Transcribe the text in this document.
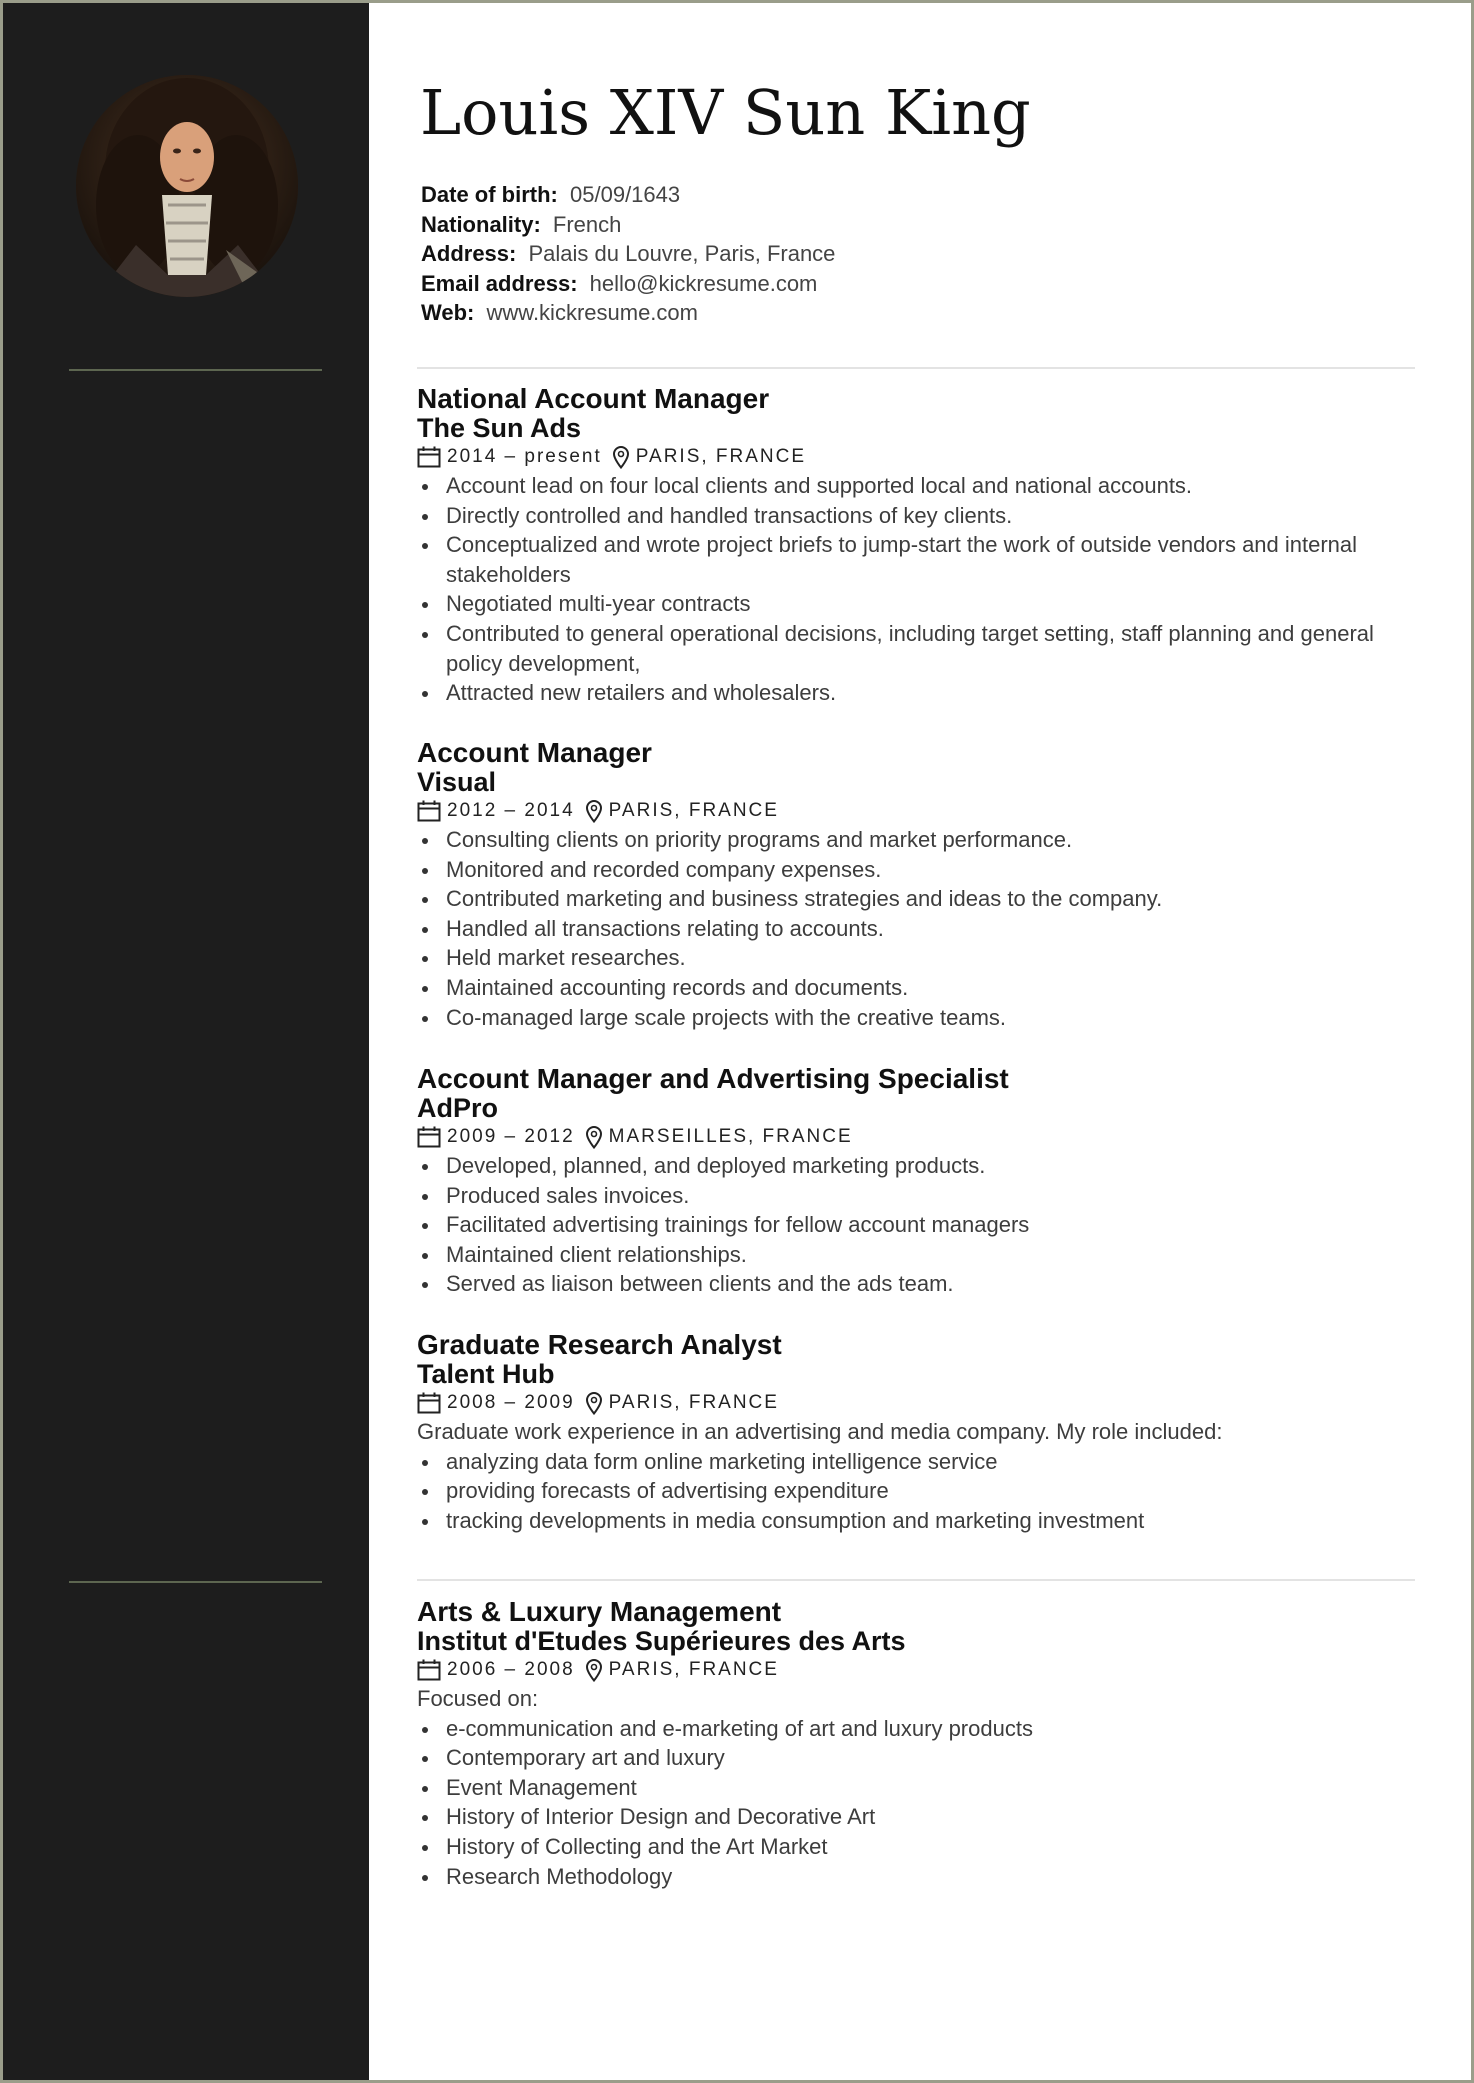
Louis XIV Sun King
Date of birth: 05/09/1643
Nationality: French
Address: Palais du Louvre, Paris, France
Email address: hello@kickresume.com
Web: www.kickresume.com
National Account Manager
The Sun Ads
2014 – present PARIS, FRANCE
Account lead on four local clients and supported local and national accounts.
Directly controlled and handled transactions of key clients.
Conceptualized and wrote project briefs to jump-start the work of outside vendors and internal stakeholders
Negotiated multi-year contracts
Contributed to general operational decisions, including target setting, staff planning and general policy development,
Attracted new retailers and wholesalers.
Account Manager
Visual
2012 – 2014 PARIS, FRANCE
Consulting clients on priority programs and market performance.
Monitored and recorded company expenses.
Contributed marketing and business strategies and ideas to the company.
Handled all transactions relating to accounts.
Held market researches.
Maintained accounting records and documents.
Co-managed large scale projects with the creative teams.
Account Manager and Advertising Specialist
AdPro
2009 – 2012 MARSEILLES, FRANCE
Developed, planned, and deployed marketing products.
Produced sales invoices.
Facilitated advertising trainings for fellow account managers
Maintained client relationships.
Served as liaison between clients and the ads team.
Graduate Research Analyst
Talent Hub
2008 – 2009 PARIS, FRANCE

Graduate work experience in an advertising and media company. My role included:

analyzing data form online marketing intelligence service
providing forecasts of advertising expenditure
tracking developments in media consumption and marketing investment
Arts & Luxury Management
Institut d'Etudes Supérieures des Arts
2006 – 2008 PARIS, FRANCE

Focused on:

e-communication and e-marketing of art and luxury products
Contemporary art and luxury
Event Management
History of Interior Design and Decorative Art
History of Collecting and the Art Market
Research Methodology
